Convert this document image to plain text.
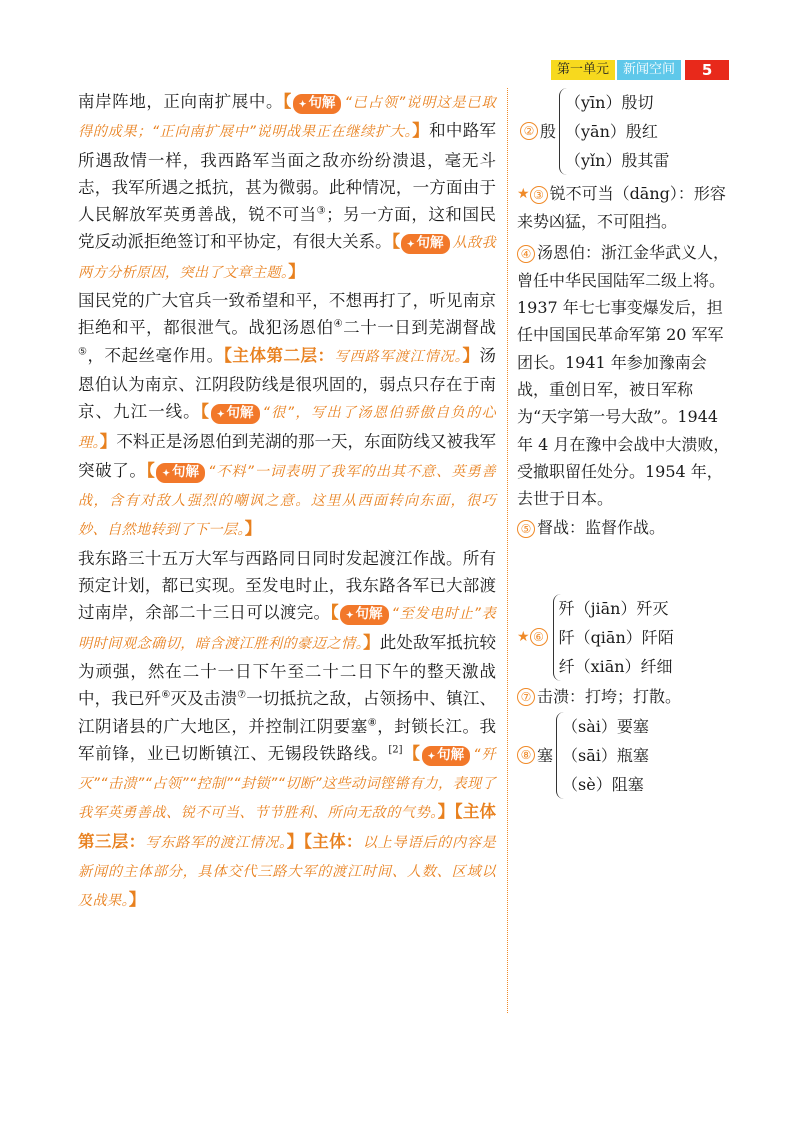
第一单元	新闻空间	5

南岸阵地，正向南扩展中。【 ✦ 句解 “已占领”说明这是已取得的成果；“正向南扩展中”说明战果正在继续扩大。】和中路军所遇敌情一样，我西路军当面之敌亦纷纷溃退，毫无斗志，我军所遇之抵抗，甚为微弱。此种情况，一方面由于人民解放军英勇善战，锐不可当③；另一方面，这和国民党反动派拒绝签订和平协定，有很大关系。【 ✦ 句解 从敌我两方分析原因，突出了文章主题。】

国民党的广大官兵一致希望和平，不想再打了，听见南京拒绝和平，都很泄气。战犯汤恩伯④二十一日到芜湖督战⑤，不起丝毫作用。【主体第二层：写西路军渡江情况。】汤恩伯认为南京、江阴段防线是很巩固的，弱点只存在于南京、九江一线。【 ✦ 句解 “很”，写出了汤恩伯骄傲自负的心理。】不料正是汤恩伯到芜湖的那一天，东面防线又被我军突破了。【 ✦ 句解 “不料”一词表明了我军的出其不意、英勇善战，含有对敌人强烈的嘲讽之意。这里从西面转向东面，很巧妙、自然地转到了下一层。】

我东路三十五万大军与西路同日同时发起渡江作战。所有预定计划，都已实现。至发电时止，我东路各军已大部渡过南岸，余部二十三日可以渡完。【 ✦ 句解 “至发电时止”表明时间观念确切，暗含渡江胜利的豪迈之情。】此处敌军抵抗较为顽强，然在二十一日下午至二十二日下午的整天激战中，我已歼⑥灭及击溃⑦一切抵抗之敌，占领扬中、镇江、江阴诸县的广大地区，并控制江阴要塞⑧，封锁长江。我军前锋，业已切断镇江、无锡段铁路线。[2]【 ✦ 句解 “歼灭”“击溃”“占领”“控制”“封锁”“切断”这些动词铿锵有力，表现了我军英勇善战、锐不可当、节节胜利、所向无敌的气势。】【主体第三层：写东路军的渡江情况。】【主体：以上导语后的内容是新闻的主体部分，具体交代三路大军的渡江时间、人数、区域以及战果。】

② 殷
（yīn）殷切
（yān）殷红
（yǐn）殷其雷
★ ③ 锐不可当（dāng）：形容来势凶猛，不可阻挡。
④ 汤恩伯：浙江金华武义人，曾任中华民国陆军二级上将。1937 年七七事变爆发后，担任中国国民革命军第 20 军军团长。1941 年参加豫南会战，重创日军，被日军称为“天字第一号大敌”。1944 年 4 月在豫中会战中大溃败，受撤职留任处分。1954 年，去世于日本。
⑤ 督战：监督作战。
★ ⑥
歼（jiān）歼灭
阡（qiān）阡陌
纤（xiān）纤细
⑦ 击溃：打垮；打散。
⑧ 塞
（sài）要塞
（sāi）瓶塞
（sè）阻塞
